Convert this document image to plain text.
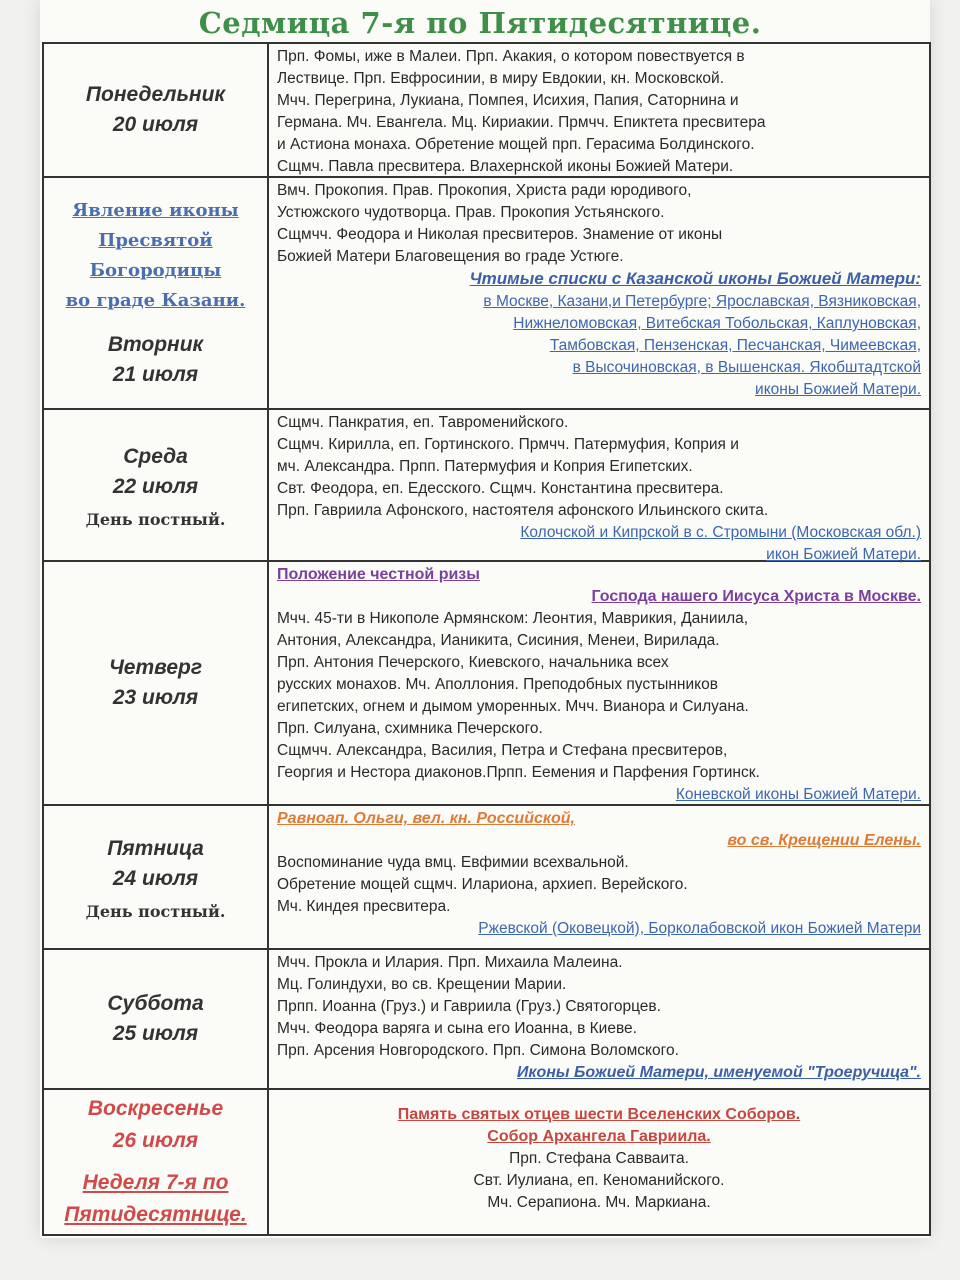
Седмица 7-я по Пятидесятнице.
Понедельник
20 июля

Прп. Фомы, иже в Малеи. Прп. Акакия, о котором повествуется в

Лествице. Прп. Евфросинии, в миру Евдокии, кн. Московской.

Мчч. Перегрина, Лукиана, Помпея, Исихия, Папия, Саторнина и

Германа. Мч. Евангела. Мц. Кириакии. Прмчч. Епиктета пресвитера

и Астиона монаха. Обретение мощей прп. Герасима Болдинского.

Сщмч. Павла пресвитера. Влахернской иконы Божией Матери.

Явление иконы
Пресвятой
Богородицы
во граде Казани.
Вторник
21 июля

Вмч. Прокопия. Прав. Прокопия, Христа ради юродивого,

Устюжского чудотворца. Прав. Прокопия Устьянского.

Сщмчч. Феодора и Николая пресвитеров. Знамение от иконы

Божией Матери Благовещения во граде Устюге.

Чтимые списки с Казанской иконы Божией Матери:

в Москве, Казани,и Петербурге; Ярославская, Вязниковская,

Нижнеломовская, Витебская Тобольская, Каплуновская,

Тамбовская, Пензенская, Песчанская, Чимеевская,

в Высочиновская, в Вышенская. Якобштадтской

иконы Божией Матери.

Среда
22 июля
День постный.

Сщмч. Панкратия, еп. Тавроменийского.

Сщмч. Кирилла, еп. Гортинского. Прмчч. Патермуфия, Коприя и

мч. Александра. Прпп. Патермуфия и Коприя Египетских.

Свт. Феодора, еп. Едесского. Сщмч. Константина пресвитера.

Прп. Гавриила Афонского, настоятеля афонского Ильинского скита.

Колочской и Кипрской в с. Стромыни (Московская обл.)

икон Божией Матери.

Четверг
23 июля

Положение честной ризы

Господа нашего Иисуса Христа в Москве.

Мчч. 45-ти в Никополе Армянском: Леонтия, Маврикия, Даниила,

Антония, Александра, Ианикита, Сисиния, Менеи, Вирилада.

Прп. Антония Печерского, Киевского, начальника всех

русских монахов. Мч. Аполлония. Преподобных пустынников

египетских, огнем и дымом уморенных. Мчч. Вианора и Силуана.

Прп. Силуана, схимника Печерского.

Сщмчч. Александра, Василия, Петра и Стефана пресвитеров,

Георгия и Нестора диаконов.Прпп. Еемения и Парфения Гортинск.

Коневской иконы Божией Матери.

Пятница
24 июля
День постный.

Равноап. Ольги, вел. кн. Российской,

во св. Крещении Елены.

Воспоминание чуда вмц. Евфимии всехвальной.

Обретение мощей сщмч. Илариона, архиеп. Верейского.

Мч. Киндея пресвитера.

Ржевской (Оковецкой), Борколабовской икон Божией Матери

Суббота
25 июля

Мчч. Прокла и Илария. Прп. Михаила Малеина.

Мц. Голиндухи, во св. Крещении Марии.

Прпп. Иоанна (Груз.) и Гавриила (Груз.) Святогорцев.

Мчч. Феодора варяга и сына его Иоанна, в Киеве.

Прп. Арсения Новгородского. Прп. Симона Воломского.

Иконы Божией Матери, именуемой "Троеручица".

Воскресенье
26 июля
Неделя 7-я по
Пятидесятнице.

Память святых отцев шести Вселенских Соборов.

Собор Архангела Гавриила.

Прп. Стефана Савваита.

Свт. Иулиана, еп. Кеноманийского.

Мч. Серапиона. Мч. Маркиана.
